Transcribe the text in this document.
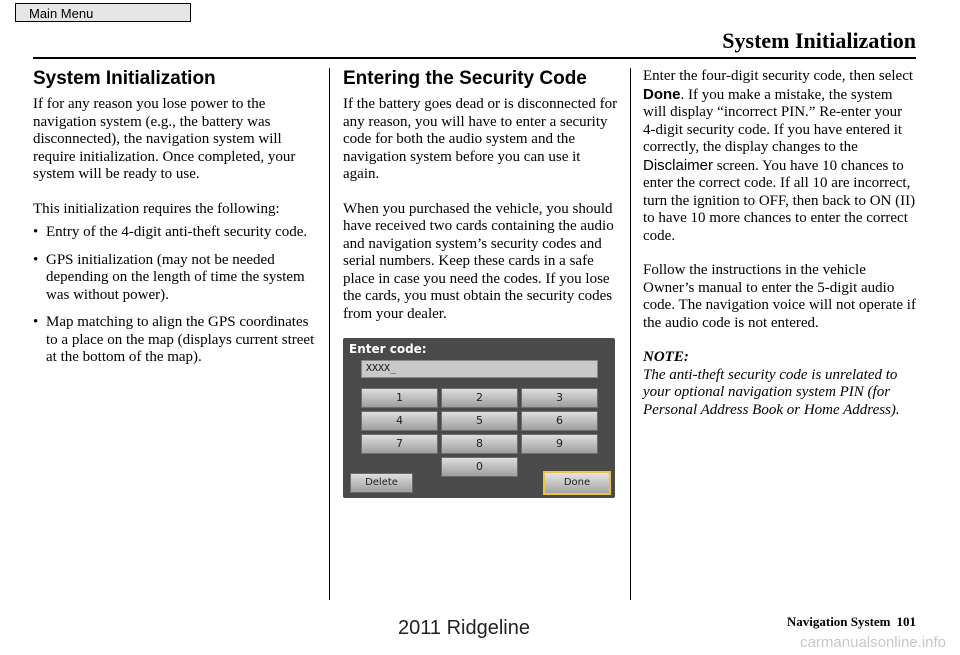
Main Menu
System Initialization
System Initialization

If for any reason you lose power to the navigation system (e.g., the battery was disconnected), the navigation system will require initialization. Once completed, your system will be ready to use.

This initialization requires the following:

• Entry of the 4-digit anti-theft security code.
• GPS initialization (may not be needed depending on the length of time the system was without power).
• Map matching to align the GPS coordinates to a place on the map (displays current street at the bottom of the map).
Entering the Security Code

If the battery goes dead or is disconnected for any reason, you will have to enter a security code for both the audio system and the navigation system before you can use it again.

When you purchased the vehicle, you should have received two cards containing the audio and navigation system’s security codes and serial numbers. Keep these cards in a safe place in case you need the codes. If you lose the cards, you must obtain the security codes from your dealer.

Enter code:
XXXX_
1	2	3
4	5	6
7	8	9
0
Delete	Done

Enter the four-digit security code, then select Done. If you make a mistake, the system will display “incorrect PIN.” Re-enter your 4-digit security code. If you have entered it correctly, the display changes to the Disclaimer screen. You have 10 chances to enter the correct code. If all 10 are incorrect, turn the ignition to OFF, then back to ON (II) to have 10 more chances to enter the correct code.

Follow the instructions in the vehicle Owner’s manual to enter the 5-digit audio code. The navigation voice will not operate if the audio code is not entered.

NOTE:

The anti-theft security code is unrelated to your optional navigation system PIN (for Personal Address Book or Home Address).

Navigation System 101
2011 Ridgeline
carmanualsonline.info
